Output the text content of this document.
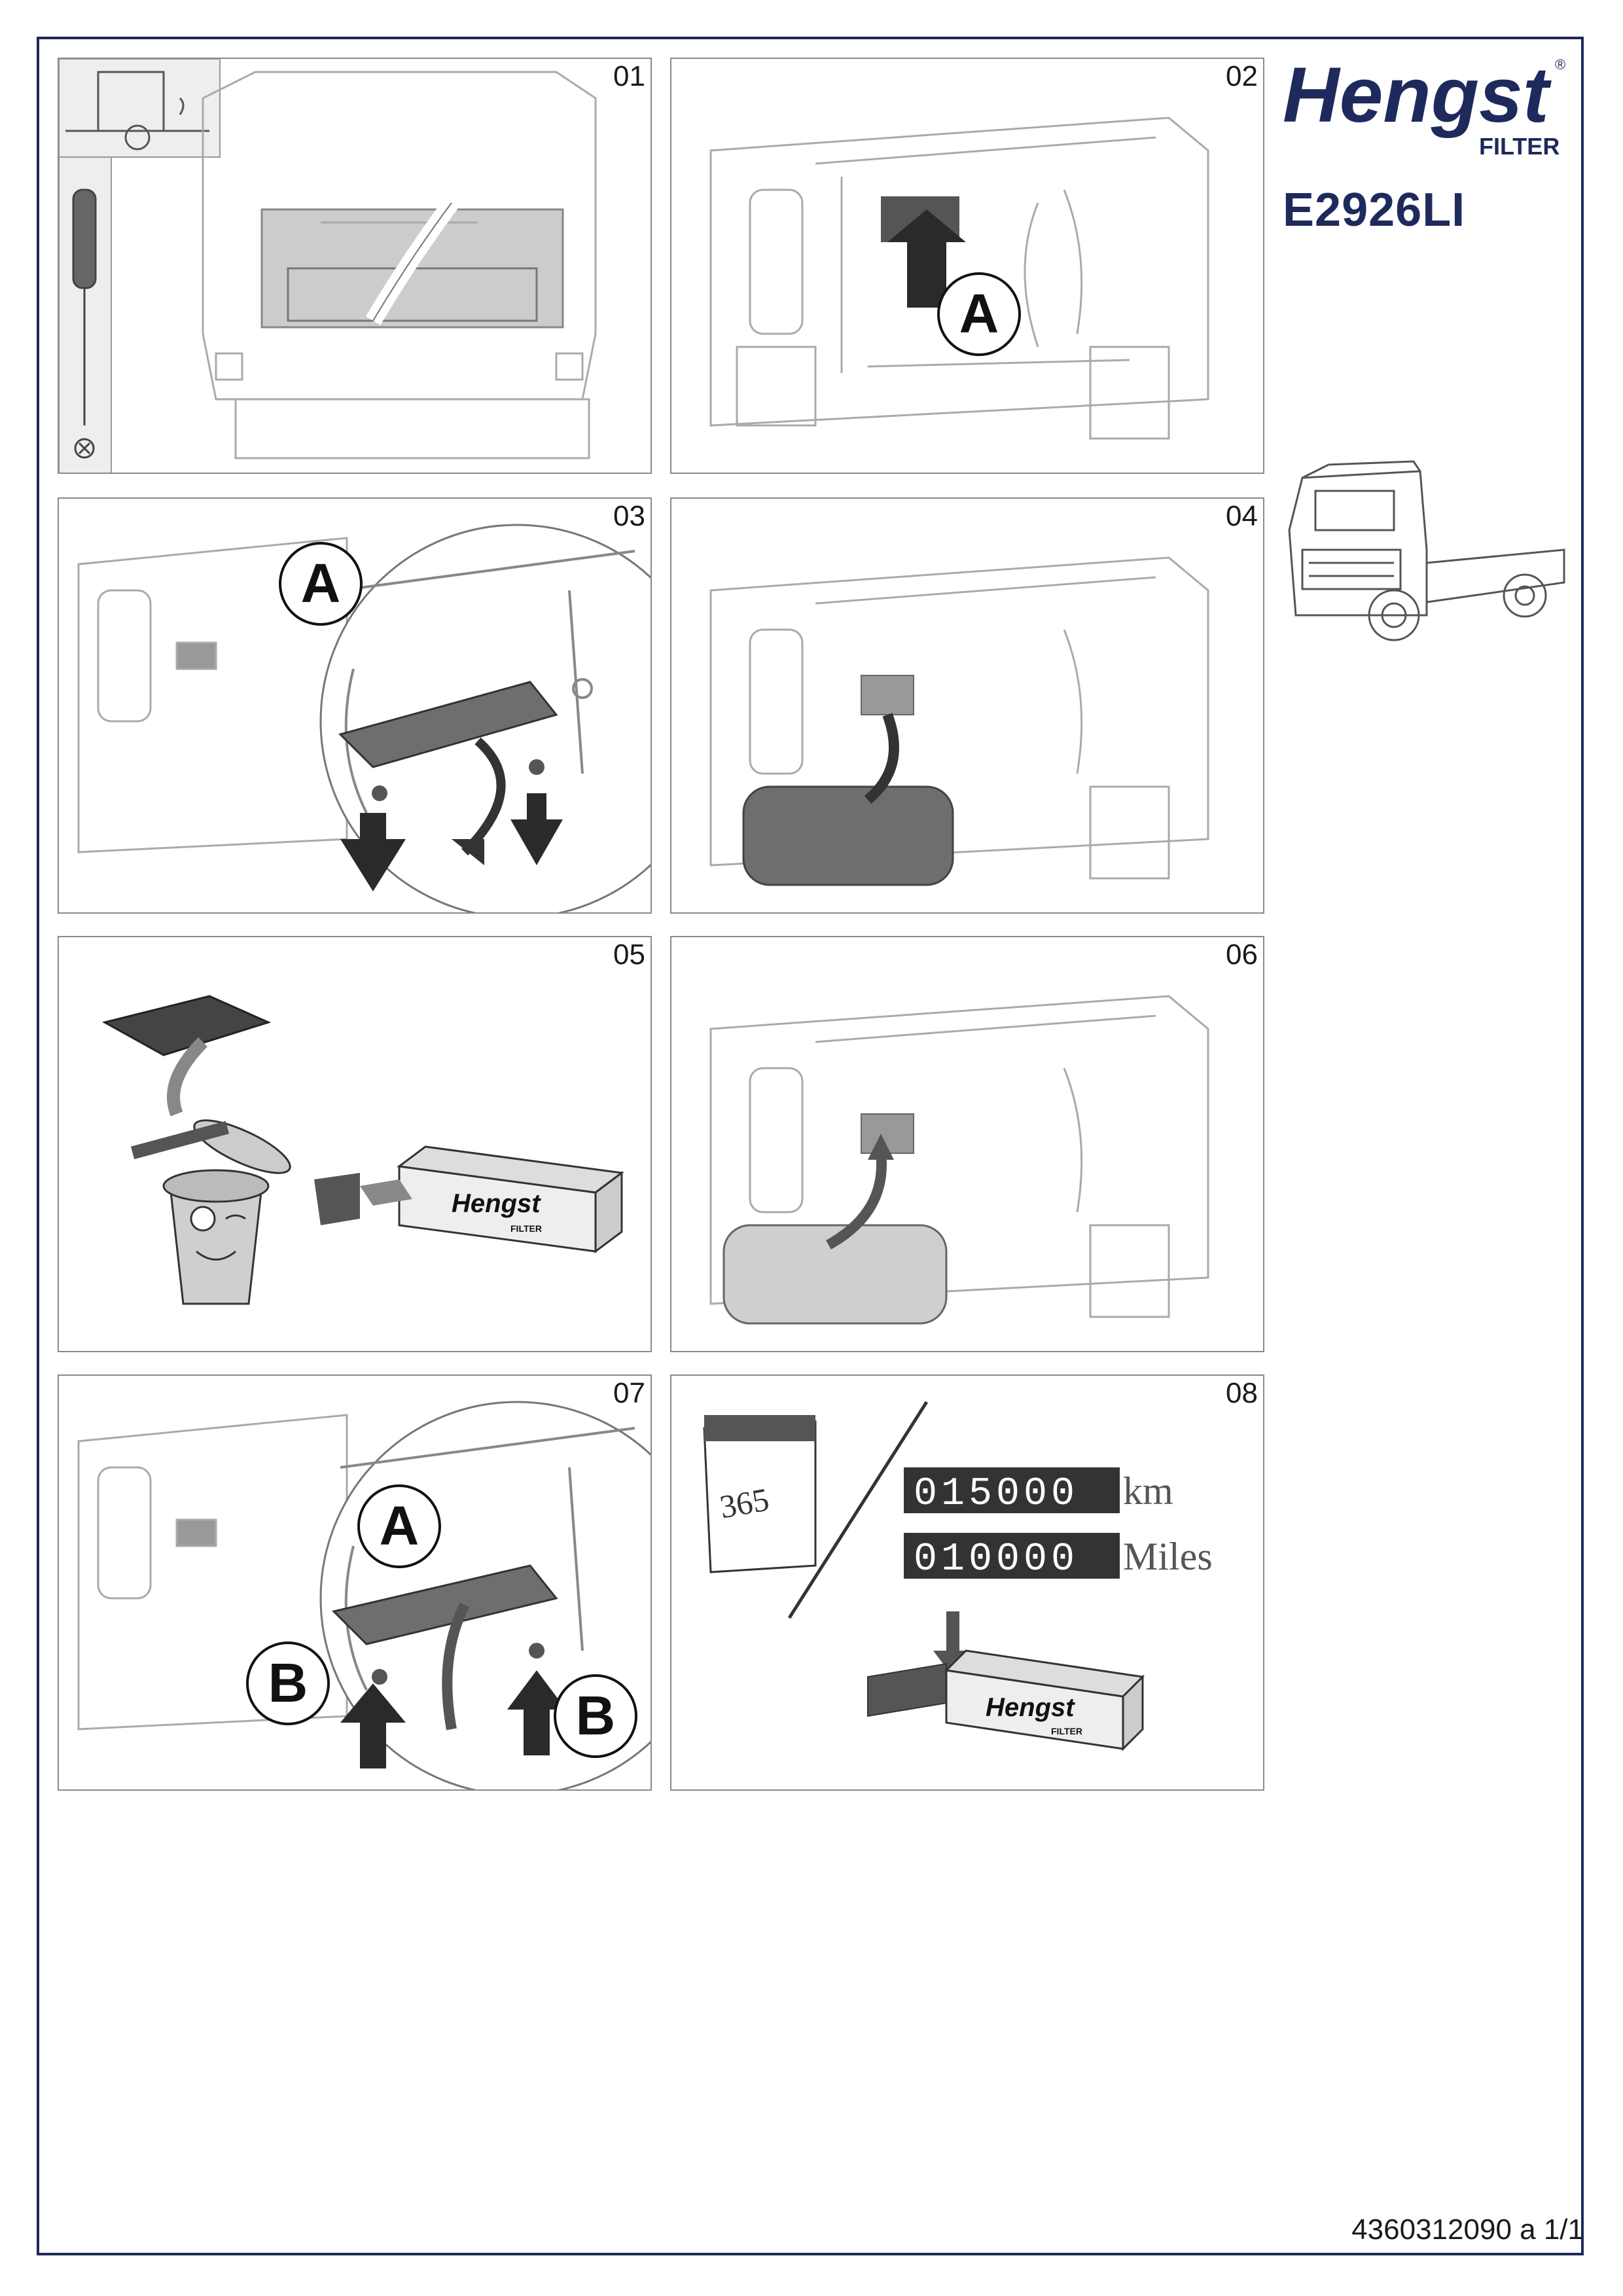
Hengst ®
FILTER
E2926LI
01	02
A
03
A
04
05
Hengst
FILTER
06
07
A
B
B
08
365	015000 km
010000 Miles
Hengst
FILTER
4360312090 a 1/1
